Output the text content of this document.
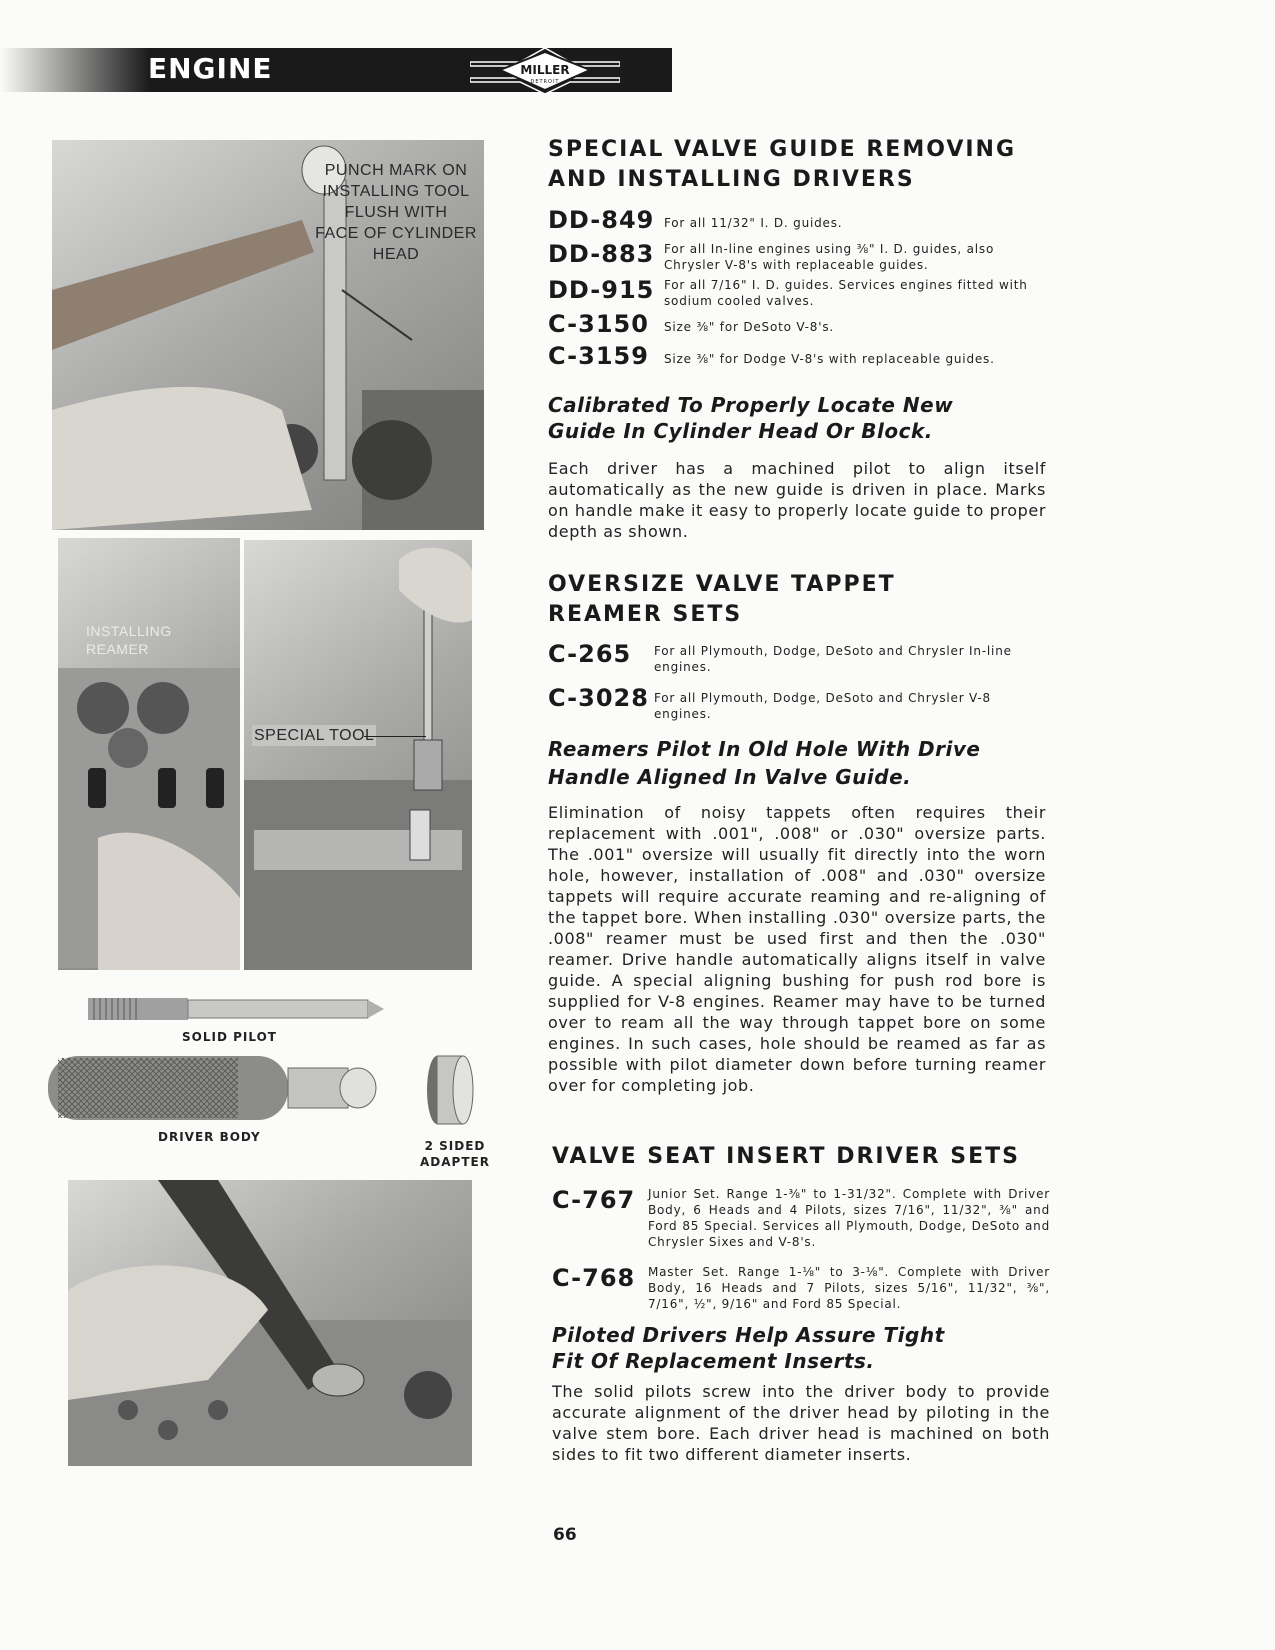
ENGINE	MILLER
DETROIT
PUNCH MARK ON
INSTALLING TOOL
FLUSH WITH
FACE OF CYLINDER
HEAD
INSTALLING
REAMER
SPECIAL TOOL
SOLID PILOT
DRIVER BODY
2 SIDED
ADAPTER
SPECIAL VALVE GUIDE REMOVING
AND INSTALLING DRIVERS
DD-849 For all 11/32" I. D. guides.
DD-883 For all In-line engines using ⅜" I. D. guides, also Chrysler V-8's with replaceable guides.
DD-915 For all 7/16" I. D. guides. Services engines fitted with sodium cooled valves.
C-3150	Size ⅜" for DeSoto V-8's.
C-3159	Size ⅜" for Dodge V-8's with replaceable guides.
Calibrated To Properly Locate New
Guide In Cylinder Head Or Block.
Each driver has a machined pilot to align itself automatically as the new guide is driven in place. Marks on handle make it easy to properly locate guide to proper depth as shown.
OVERSIZE VALVE TAPPET
REAMER SETS
C-265	For all Plymouth, Dodge, DeSoto and Chrysler In-line engines.
C-3028 For all Plymouth, Dodge, DeSoto and Chrysler V-8 engines.
Reamers Pilot In Old Hole With Drive
Handle Aligned In Valve Guide.
Elimination of noisy tappets often requires their replacement with .001", .008" or .030" oversize parts. The .001" oversize will usually fit directly into the worn hole, however, installation of .008" and .030" oversize tappets will require accurate reaming and re-aligning of the tappet bore. When installing .030" oversize parts, the .008" reamer must be used first and then the .030" reamer. Drive handle automatically aligns itself in valve guide. A special aligning bushing for push rod bore is supplied for V-8 engines. Reamer may have to be turned over to ream all the way through tappet bore on some engines. In such cases, hole should be reamed as far as possible with pilot diameter down before turning reamer over for completing job.
VALVE SEAT INSERT DRIVER SETS
C-767	Junior Set. Range 1-⅜" to 1-31/32". Complete with Driver Body, 6 Heads and 4 Pilots, sizes 7/16", 11/32", ⅜" and Ford 85 Special. Services all Plymouth, Dodge, DeSoto and Chrysler Sixes and V-8's.
C-768	Master Set. Range 1-⅛" to 3-⅛". Complete with Driver Body, 16 Heads and 7 Pilots, sizes 5/16", 11/32", ⅜", 7/16", ½", 9/16" and Ford 85 Special.
Piloted Drivers Help Assure Tight
Fit Of Replacement Inserts.
The solid pilots screw into the driver body to provide accurate alignment of the driver head by piloting in the valve stem bore. Each driver head is machined on both sides to fit two different diameter inserts.
66
